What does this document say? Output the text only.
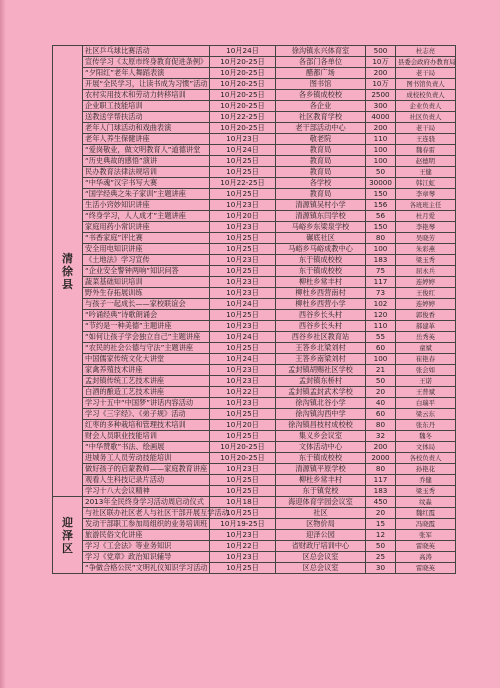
清徐县	社区乒乓球比赛活动	10月24日	徐沟镇永兴体育室	500	杜志亮
	宣传学习《太原市终身教育促进条例》	10月20-25日	各部门各单位	10万	县委会政府办教育局
	“夕阳红”老年人舞蹈表演	10月20-25日	醋都广场	200	老干局
	开展“全民学习，让读书成为习惯”活动	10月20-25日	图书馆	10万	图书馆负责人
	农村实用技术和劳动力转移培训	10月20-25日	各乡镇成校校	2500	成校校负责人
	企业职工技能培训	10月20-25日	各企业	300	企业负责人
	送教送学帮扶活动	10月22-25日	社区教育学校	4000	社区负责人
	老年人门球活动和戏曲表演	10月20-25日	老干部活动中心	200	老干局
	老年人养生保健讲座	10月23日	敬老院	110	王连骁
	“爱岗敬业，做文明教育人”道德讲堂	10月24日	教育局	100	魏春雷
	“历史典故的感悟”演讲	10月25日	教育局	100	赵德明
	民办教育法律法规培训	10月25日	教育局	50	王健
	“中华魂”汉字书写大赛	10月22-25日	各学校	30000	韩江虹
	“国学经典之朱子家训”主题讲座	10月25日	教育局	150	李章琴
	生活小窍妙知识讲座	10月23日	清源镇吴村小学	156	各班班主任
	“终身学习，人人成才”主题讲座	10月20日	清源镇东闫学校	56	杜月爱
	家庭用药小常识讲座	10月23日	马峪乡东梁泉学校	150	李艳琴
	“书香家庭”评比赛	10月25日	碾底社区	80	吴晓芳
	安全用电知识讲座	10月25日	马峪乡马峪成教中心	100	朱彩燕
	《土地法》学习宣传	10月23日	东于镇成校校	183	梁玉秀
	“企业安全警钟两响”知识问答	10月25日	东于镇成校校	75	屈永兵
	蔬菜基础知识培训	10月23日	柳杜乡常丰村	117	连婷婷
	野外生存拓展训练	10月23日	柳杜乡西营南村	73	王俊红
	与孩子一起成长——家校联谊会	10月24日	柳杜乡西营小学	102	连婷婷
	“吟诵经典”诗歌朗诵会	10月25日	西谷乡长头村	120	郭俊香
	“节约是一种美德”主题讲座	10月23日	西谷乡长头村	110	郝建革
	“如何让孩子学会独立自己”主题讲座	10月24日	西谷乡社区教育站	55	岳秀英
	“农民的社会公德与守法”主题讲座	10月25日	王答乡北梁刘村	60	童斌
	中国儒家传统文化大讲堂	10月24日	王答乡南梁刘村	100	崔艳春
	家禽养殖技术讲座	10月23日	孟封镇胡赐社区学校	21	张会如
	孟封镇传统工艺技术讲座	10月23日	孟封镇东桥村	50	王诺
	白酒的酿造工艺技术讲座	10月22日	孟封镇孟封武术学校	20	王普斌
	学习十五中“中国梦”讲话内容活动	10月23日	徐沟镇北谷小学	40	白瑞平
	学习《三字经》、《弟子规》活动	10月25日	徐沟镇沟西中学	60	梁云东
	红枣的多种栽培和管理技术培训	10月20日	徐沟镇昌枝村成校校	80	张东丹
	财会人员职业技能培训	10月25日	集义乡会议室	32	魏冬
	“中华赞歌”书法、绘画展	10月20-25日	文体活动中心	200	文体局
	进城务工人员劳动技能培训	10月20-25日	东于镇成校校	2000	各校负责人
	做好孩子的启蒙教师——家庭教育讲座	10月23日	清源镇平原学校	80	孙艳花
	观看人生科技记录片活动	10月25日	柳杜乡常丰村	117	乔健
	学习十八大会议精神	10月25日	东于镇党校	183	梁玉秀
迎泽区	2013年全民终身学习活动周启动仪式	10月18日	海迎体育学园会议室	450	纹淼
	与社区联办社区老人与社区干部开展互学活动	10月25日	社区	20	魏红霞
	发动干部职工参加局组织的业务培训班	10月19-25日	区物价局	15	冯晓霞
	旅游民俗文化讲座	10月23日	迎泽公园	12	张军
	学习《工会法》等业务知识	10月22日	省财政厅培训中心	50	雷晓英
	学习《党章》政治知识辅导	10月23日	区总会议室	25	高涛
	“争做合格公民”文明礼仪知识学习活动	10月25日	区总会议室	30	雷晓英
